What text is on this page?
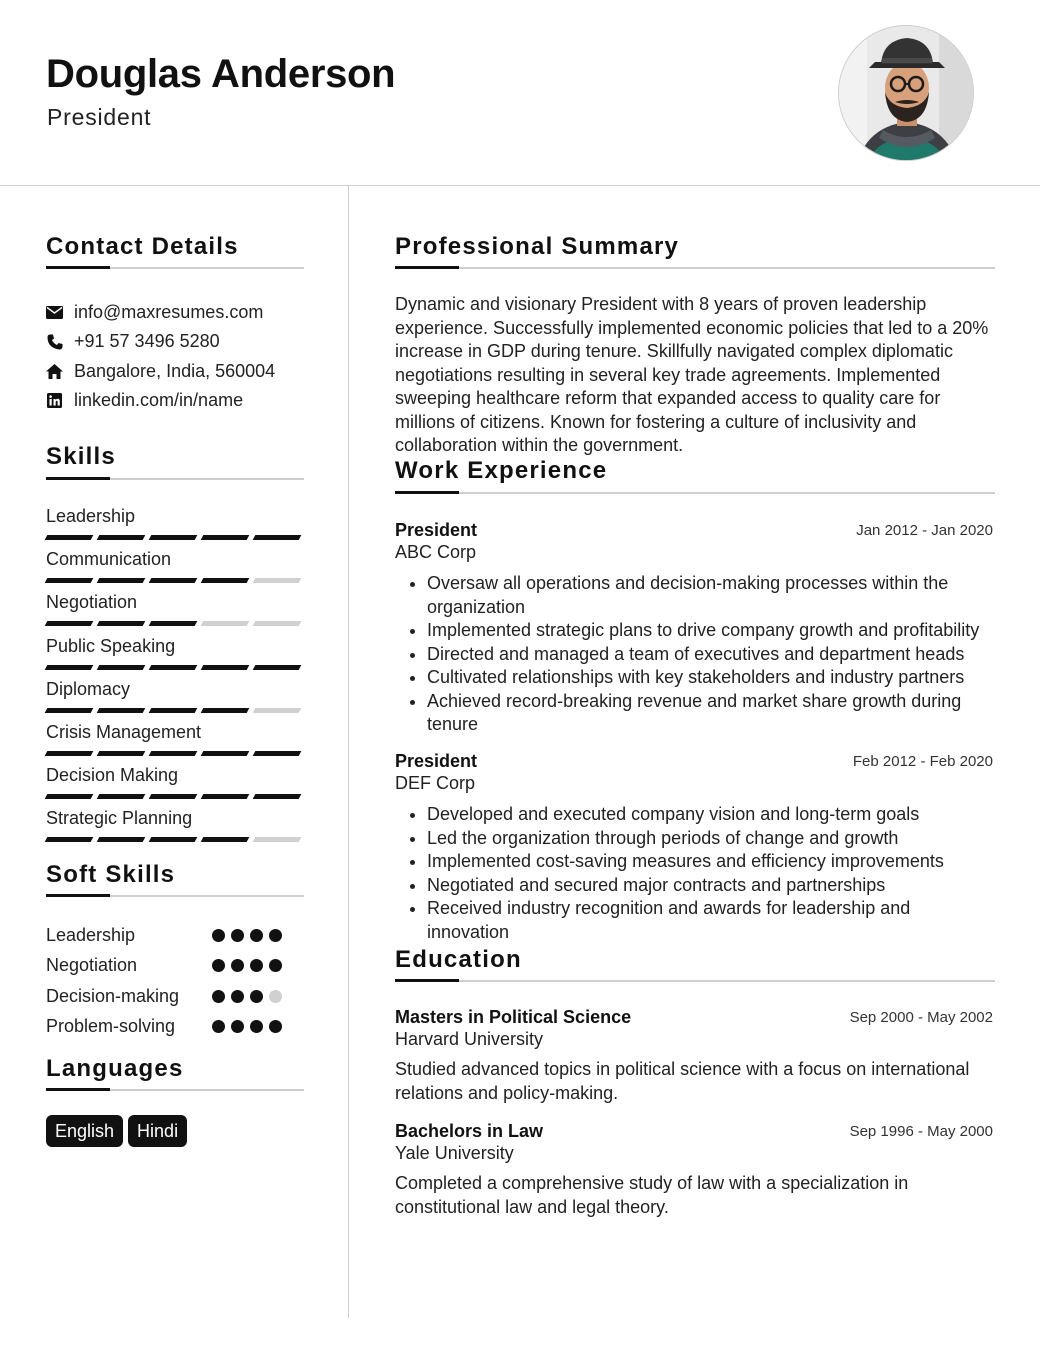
Douglas Anderson
President
Contact Details
info@maxresumes.com
+91 57 3496 5280
Bangalore, India, 560004
linkedin.com/in/name
Skills
Leadership
Communication
Negotiation
Public Speaking
Diplomacy
Crisis Management
Decision Making
Strategic Planning
Soft Skills
Leadership
Negotiation
Decision-making
Problem-solving
Languages
English	Hindi
Professional Summary
Dynamic and visionary President with 8 years of proven leadership experience. Successfully implemented economic policies that led to a 20% increase in GDP during tenure. Skillfully navigated complex diplomatic negotiations resulting in several key trade agreements. Implemented sweeping healthcare reform that expanded access to quality care for millions of citizens. Known for fostering a culture of inclusivity and collaboration within the government.
Work Experience
President	Jan 2012 - Jan 2020
ABC Corp
• Oversaw all operations and decision-making processes within the organization
• Implemented strategic plans to drive company growth and profitability
• Directed and managed a team of executives and department heads
• Cultivated relationships with key stakeholders and industry partners
• Achieved record-breaking revenue and market share growth during tenure
President	Feb 2012 - Feb 2020
DEF Corp
• Developed and executed company vision and long-term goals
• Led the organization through periods of change and growth
• Implemented cost-saving measures and efficiency improvements
• Negotiated and secured major contracts and partnerships
• Received industry recognition and awards for leadership and innovation
Education
Masters in Political Science	Sep 2000 - May 2002
Harvard University
Studied advanced topics in political science with a focus on international relations and policy-making.
Bachelors in Law	Sep 1996 - May 2000
Yale University
Completed a comprehensive study of law with a specialization in constitutional law and legal theory.
